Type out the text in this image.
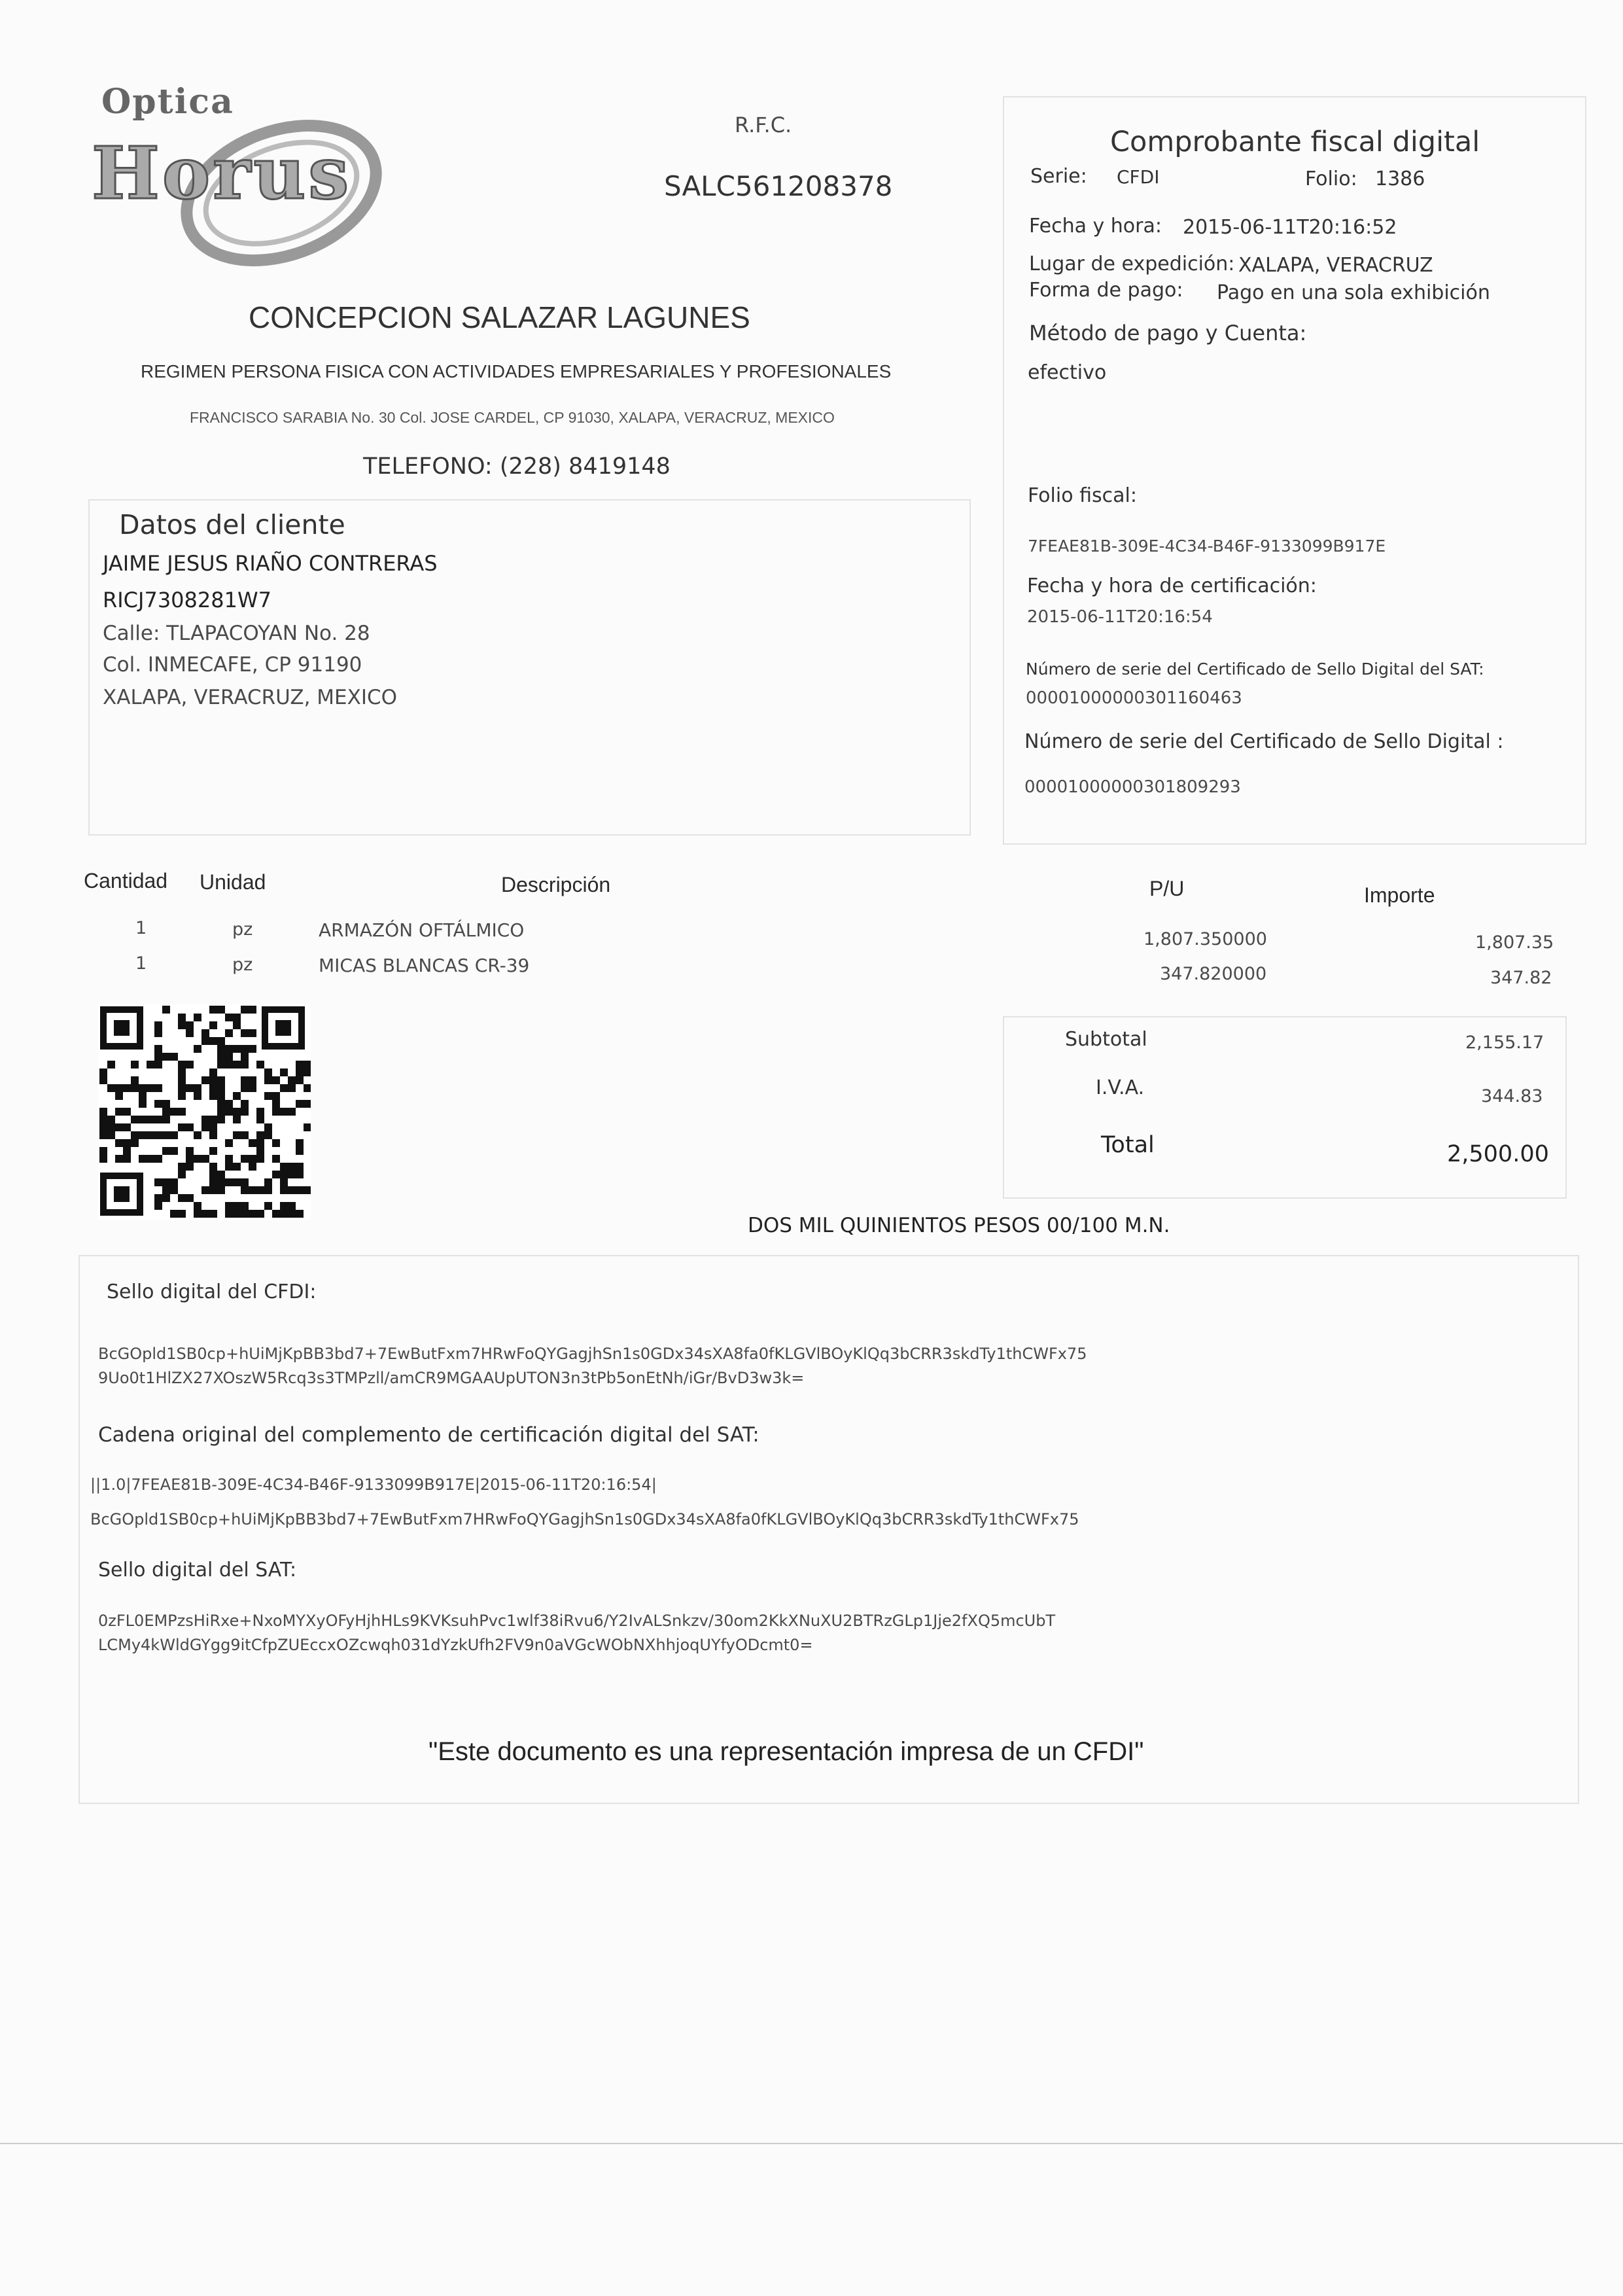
Optica
Horus
R.F.C.
SALC561208378
CONCEPCION SALAZAR LAGUNES
REGIMEN PERSONA FISICA CON ACTIVIDADES EMPRESARIALES Y PROFESIONALES
FRANCISCO SARABIA No. 30 Col. JOSE CARDEL, CP 91030, XALAPA, VERACRUZ, MEXICO
TELEFONO: (228) 8419148
Comprobante fiscal digital
Serie: CFDI	Folio: 1386
Fecha y hora: 2015-06-11T20:16:52
Lugar de expedición: XALAPA, VERACRUZ
Forma de pago: Pago en una sola exhibición
Método de pago y Cuenta:
efectivo
Folio fiscal:
7FEAE81B-309E-4C34-B46F-9133099B917E
Fecha y hora de certificación:
2015-06-11T20:16:54
Número de serie del Certificado de Sello Digital del SAT:
00001000000301160463
Número de serie del Certificado de Sello Digital :
00001000000301809293
Datos del cliente
JAIME JESUS RIAÑO CONTRERAS
RICJ7308281W7
Calle: TLAPACOYAN No. 28
Col. INMECAFE, CP 91190
XALAPA, VERACRUZ, MEXICO
Cantidad Unidad	Descripción	P/U	Importe
1	pz	ARMAZÓN OFTÁLMICO	1,807.350000	1,807.35
1	pz	MICAS BLANCAS CR-39	347.820000	347.82
Subtotal	2,155.17
I.V.A.	344.83
Total	2,500.00
DOS MIL QUINIENTOS PESOS 00/100 M.N.
Sello digital del CFDI:
BcGOpld1SB0cp+hUiMjKpBB3bd7+7EwButFxm7HRwFoQYGagjhSn1s0GDx34sXA8fa0fKLGVlBOyKlQq3bCRR3skdTy1thCWFx75
9Uo0t1HlZX27XOszW5Rcq3s3TMPzll/amCR9MGAAUpUTON3n3tPb5onEtNh/iGr/BvD3w3k=
Cadena original del complemento de certificación digital del SAT:
||1.0|7FEAE81B-309E-4C34-B46F-9133099B917E|2015-06-11T20:16:54|
BcGOpld1SB0cp+hUiMjKpBB3bd7+7EwButFxm7HRwFoQYGagjhSn1s0GDx34sXA8fa0fKLGVlBOyKlQq3bCRR3skdTy1thCWFx75
Sello digital del SAT:
0zFL0EMPzsHiRxe+NxoMYXyOFyHjhHLs9KVKsuhPvc1wlf38iRvu6/Y2IvALSnkzv/30om2KkXNuXU2BTRzGLp1Jje2fXQ5mcUbT
LCMy4kWldGYgg9itCfpZUEccxOZcwqh031dYzkUfh2FV9n0aVGcWObNXhhjoqUYfyODcmt0=
"Este documento es una representación impresa de un CFDI"
